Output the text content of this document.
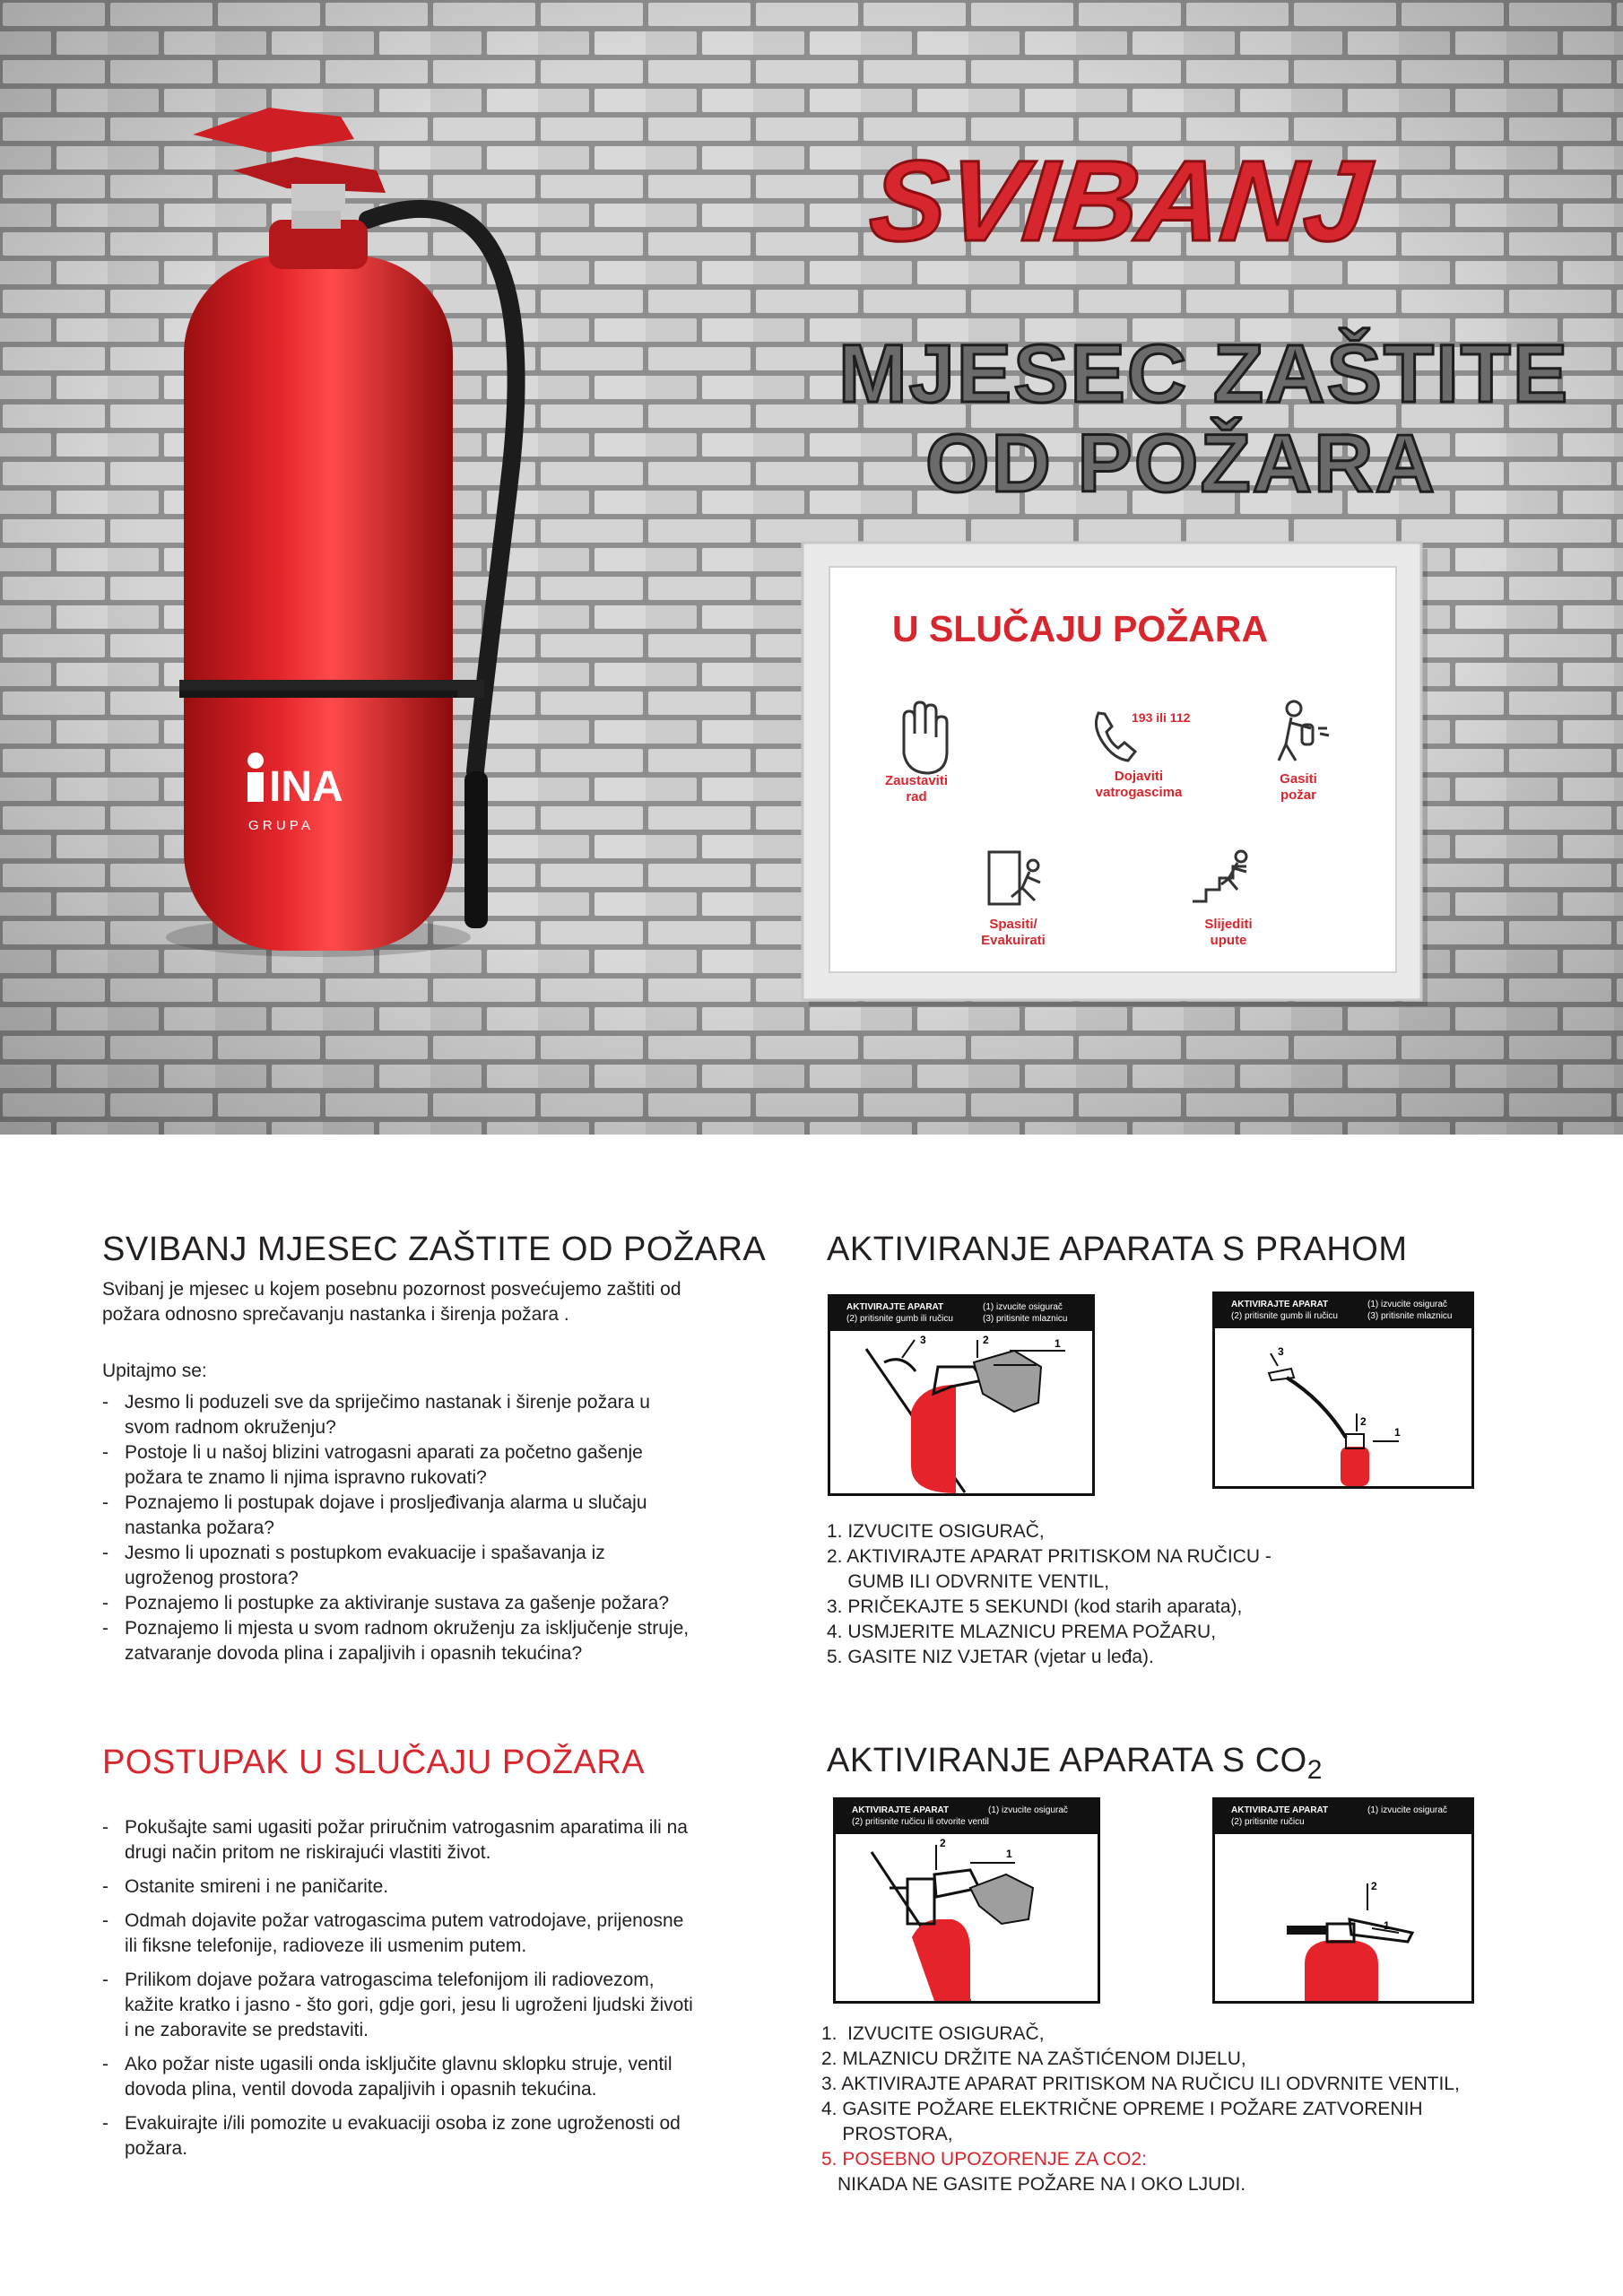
INA
G R U P A
SVIBANJ
MJESEC ZAŠTITE
OD POŽARA
U SLUČAJU POŽARA
Zaustaviti
rad
193 ili 112
Dojaviti
vatrogascima
Gasiti
požar
Spasiti/
Evakuirati
Slijediti
upute
SVIBANJ MJESEC ZAŠTITE OD POŽARA
Svibanj je mjesec u kojem posebnu pozornost posvećujemo zaštiti od požara odnosno sprečavanju nastanka i širenja požara .
Upitajmo se:
- Jesmo li poduzeli sve da spriječimo nastanak i širenje požara u svom radnom okruženju?
- Postoje li u našoj blizini vatrogasni aparati za početno gašenje požara te znamo li njima ispravno rukovati?
- Poznajemo li postupak dojave i prosljeđivanja alarma u slučaju nastanka požara?
- Jesmo li upoznati s postupkom evakuacije i spašavanja iz ugroženog prostora?
- Poznajemo li postupke za aktiviranje sustava za gašenje požara?
- Poznajemo li mjesta u svom radnom okruženju za isključenje struje, zatvaranje dovoda plina i zapaljivih i opasnih tekućina?
POSTUPAK U SLUČAJU POŽARA
- Pokušajte sami ugasiti požar priručnim vatrogasnim aparatima ili na drugi način pritom ne riskirajući vlastiti život.
- Ostanite smireni i ne paničarite.
- Odmah dojavite požar vatrogascima putem vatrodojave, prijenosne ili fiksne telefonije, radioveze ili usmenim putem.
- Prilikom dojave požara vatrogascima telefonijom ili radiovezom, kažite kratko i jasno - što gori, gdje gori, jesu li ugroženi ljudski životi i ne zaboravite se predstaviti.
- Ako požar niste ugasili onda isključite glavnu sklopku struje, ventil dovoda plina, ventil dovoda zapaljivih i opasnih tekućina.
- Evakuirajte i/ili pomozite u evakuaciji osoba iz zone ugroženosti od požara.
AKTIVIRANJE APARATA S PRAHOM
AKTIVIRAJTE APARAT	(1) izvucite osigurač
(2) pritisnite gumb ili ručicu	(3) pritisnite mlaznicu
1
2
3
AKTIVIRAJTE APARAT	(1) izvucite osigurač
(2) pritisnite gumb ili ručicu	(3) pritisnite mlaznicu
1
2
3
1. IZVUCITE OSIGURAČ,
2. AKTIVIRAJTE APARAT PRITISKOM NA RUČICU -
GUMB ILI ODVRNITE VENTIL,
3. PRIČEKAJTE 5 SEKUNDI (kod starih aparata),
4. USMJERITE MLAZNICU PREMA POŽARU,
5. GASITE NIZ VJETAR (vjetar u leđa).
AKTIVIRANJE APARATA S $CO_2$
AKTIVIRAJTE APARAT	(1) izvucite osigurač
(2) pritisnite ručicu ili otvorite ventil
1
2
AKTIVIRAJTE APARAT	(1) izvucite osigurač
(2) pritisnite ručicu
1
2
1.  IZVUCITE OSIGURAČ,
2. MLAZNICU DRŽITE NA ZAŠTIĆENOM DIJELU,
3. AKTIVIRAJTE APARAT PRITISKOM NA RUČICU ILI ODVRNITE VENTIL,
4. GASITE POŽARE ELEKTRIČNE OPREME I POŽARE ZATVORENIH
PROSTORA,
5. POSEBNO UPOZORENJE ZA CO2:
NIKADA NE GASITE POŽARE NA I OKO LJUDI.
